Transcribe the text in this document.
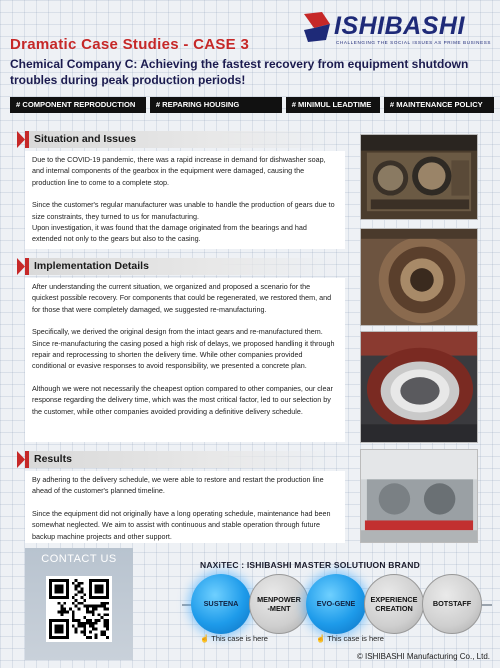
Dramatic Case Studies - CASE 3
ISHIBASHI
CHALLENGING THE SOCIAL ISSUES AS PRIME BUSINESS
Chemical Company C: Achieving the fastest recovery from equipment shutdown troubles during peak production periods!
# COMPONENT REPRODUCTION	# REPARING HOUSING	# MINIMUL LEADTIME	# MAINTENANCE POLICY
Situation and Issues

Due to the COVID-19 pandemic, there was a rapid increase in demand for dishwasher soap, and internal components of the gearbox in the equipment were damaged, causing the production line to come to a complete stop.

Since the customer's regular manufacturer was unable to handle the production of gears due to size constraints, they turned to us for manufacturing.

Upon investigation, it was found that the damage originated from the bearings and had extended not only to the gears but also to the casing.

Implementation Details

After understanding the current situation, we organized and proposed a scenario for the quickest possible recovery. For components that could be regenerated, we restored them, and for those that were completely damaged, we suggested re-manufacturing.

Specifically, we derived the original design from the intact gears and re-manufactured them. Since re-manufacturing the casing posed a high risk of delays, we proposed handling it through repair and reprocessing to shorten the delivery time. While other companies provided conditional or evasive responses to avoid responsibility, we presented a concrete plan.

Although we were not necessarily the cheapest option compared to other companies, our clear response regarding the delivery time, which was the most critical factor, led to our selection by the customer, while other companies avoided providing a definitive delivery schedule.

Results

By adhering to the delivery schedule, we were able to restore and restart the production line ahead of the customer's planned timeline.

Since the equipment did not originally have a long operating schedule, maintenance had been somewhat neglected. We aim to assist with continuous and stable operation through future backup machine projects and other support.

CONTACT US	NAXiTEC : ISHIBASHI MASTER SOLUTIUON BRAND
SUSTENA
MENPOWER
-MENT
EVO-GENE
EXPERIENCE
CREATION
BOTSTAFF
☝ This case is here	☝ This case is here
© ISHIBASHI Manufacturing Co., Ltd.
